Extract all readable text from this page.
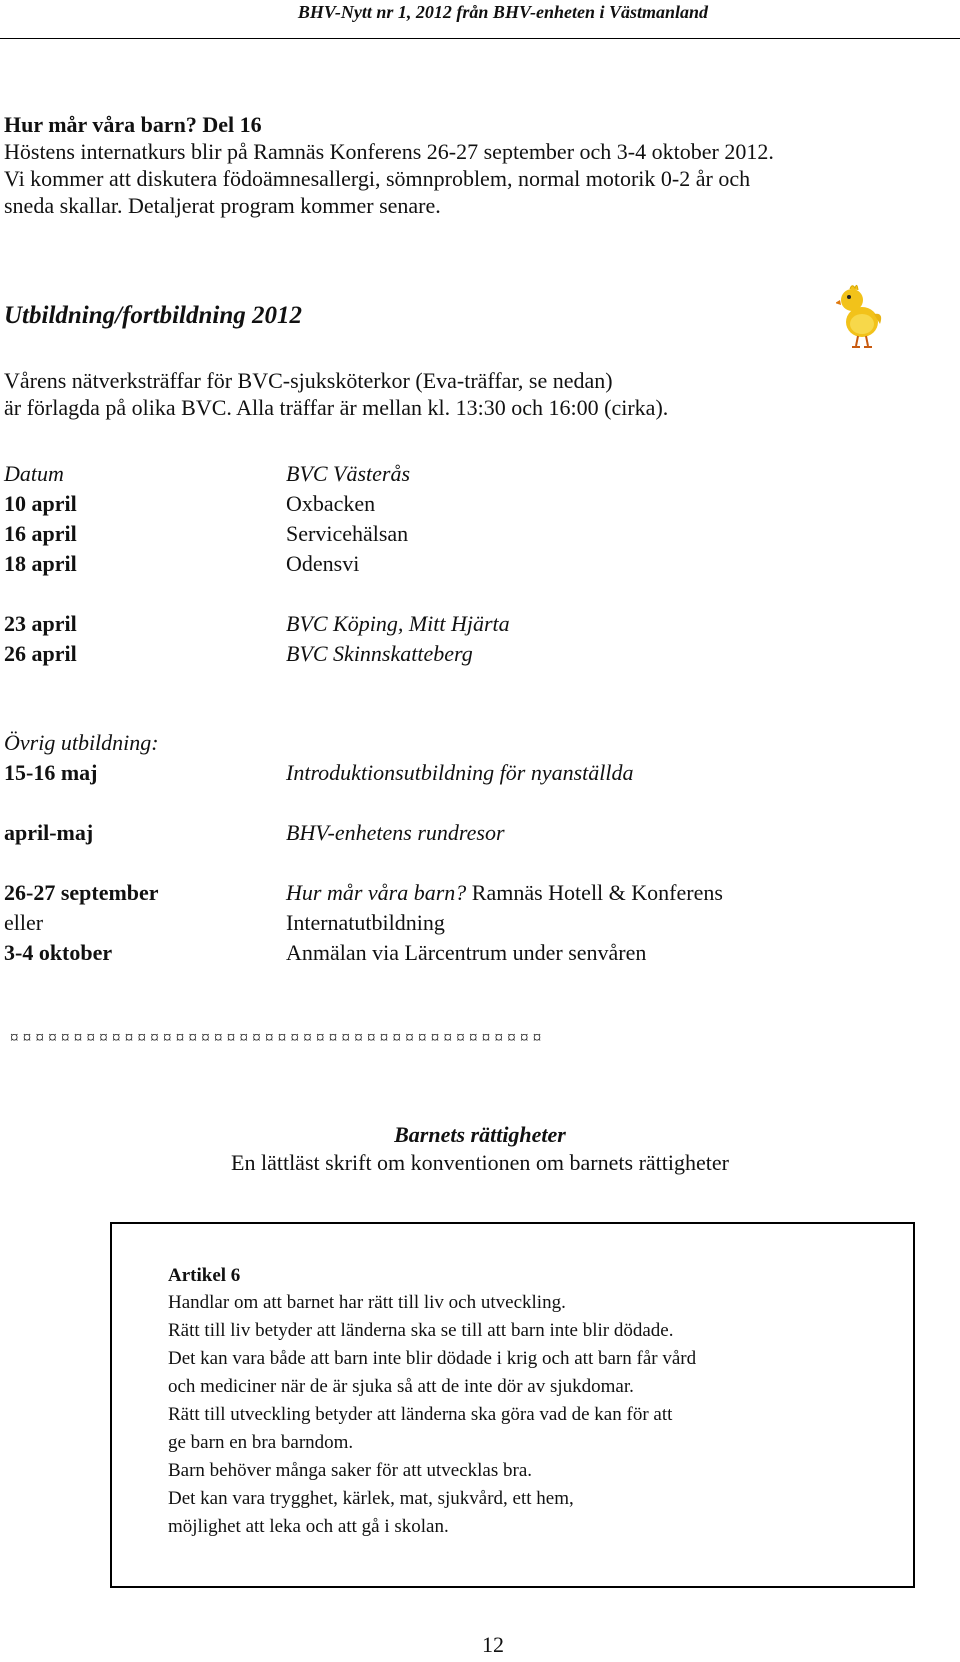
BHV-Nytt nr 1, 2012 från BHV-enheten i Västmanland
Hur mår våra barn? Del 16
Höstens internatkurs blir på Ramnäs Konferens 26-27 september och 3-4 oktober 2012.
Vi kommer att diskutera födoämnesallergi, sömnproblem, normal motorik 0-2 år och
sneda skallar. Detaljerat program kommer senare.
Utbildning/fortbildning 2012
Vårens nätverksträffar för BVC-sjuksköterkor (Eva-träffar, se nedan)
är förlagda på olika BVC. Alla träffar är mellan kl. 13:30 och 16:00 (cirka).
Datum	BVC Västerås
10 april	Oxbacken
16 april	Servicehälsan
18 april	Odensvi
23 april	BVC Köping, Mitt Hjärta
26 april	BVC Skinnskatteberg
Övrig utbildning:
15-16 maj	Introduktionsutbildning för nyanställda
april-maj	BHV-enhetens rundresor
26-27 september	Hur mår våra barn? Ramnäs Hotell & Konferens
eller	Internatutbildning
3-4 oktober	Anmälan via Lärcentrum under senvåren
¤ ¤ ¤ ¤ ¤ ¤ ¤ ¤ ¤ ¤ ¤ ¤ ¤ ¤ ¤ ¤ ¤ ¤ ¤ ¤ ¤ ¤ ¤ ¤ ¤ ¤ ¤ ¤ ¤ ¤ ¤ ¤ ¤ ¤ ¤ ¤ ¤ ¤ ¤ ¤ ¤ ¤
Barnets rättigheter
En lättläst skrift om konventionen om barnets rättigheter
Artikel 6
Handlar om att barnet har rätt till liv och utveckling.
Rätt till liv betyder att länderna ska se till att barn inte blir dödade.
Det kan vara både att barn inte blir dödade i krig och att barn får vård
och mediciner när de är sjuka så att de inte dör av sjukdomar.
Rätt till utveckling betyder att länderna ska göra vad de kan för att
ge barn en bra barndom.
Barn behöver många saker för att utvecklas bra.
Det kan vara trygghet, kärlek, mat, sjukvård, ett hem,
möjlighet att leka och att gå i skolan.
12
